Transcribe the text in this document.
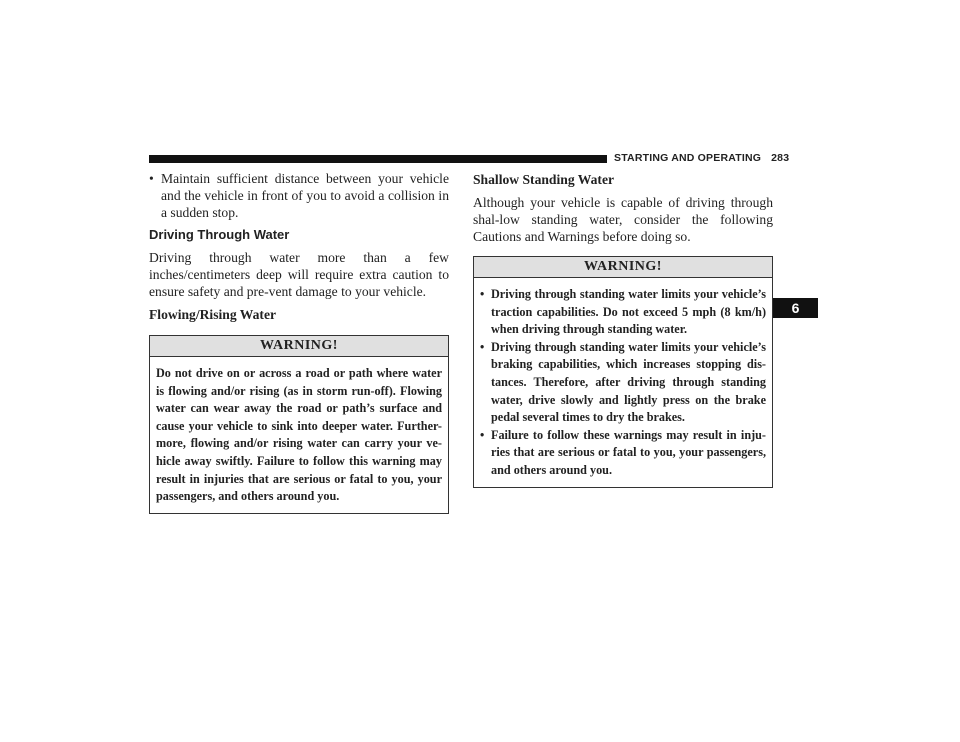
STARTING AND OPERATING 283
6
• Maintain sufficient distance between your vehicle and the vehicle in front of you to avoid a collision in a sudden stop.
Driving Through Water

Driving through water more than a few inches/centimeters deep will require extra caution to ensure safety and pre-vent damage to your vehicle.

Flowing/Rising Water
WARNING!

Do not drive on or across a road or path where water is flowing and/or rising (as in storm run-off). Flowing water can wear away the road or path’s surface and cause your vehicle to sink into deeper water. Further-more, flowing and/or rising water can carry your ve-hicle away swiftly. Failure to follow this warning may result in injuries that are serious or fatal to you, your passengers, and others around you.

Shallow Standing Water

Although your vehicle is capable of driving through shal-low standing water, consider the following Cautions and Warnings before doing so.

WARNING!
• Driving through standing water limits your vehicle’s traction capabilities. Do not exceed 5 mph (8 km/h) when driving through standing water.
• Driving through standing water limits your vehicle’s braking capabilities, which increases stopping dis-tances. Therefore, after driving through standing water, drive slowly and lightly press on the brake pedal several times to dry the brakes.
• Failure to follow these warnings may result in inju-ries that are serious or fatal to you, your passengers, and others around you.
